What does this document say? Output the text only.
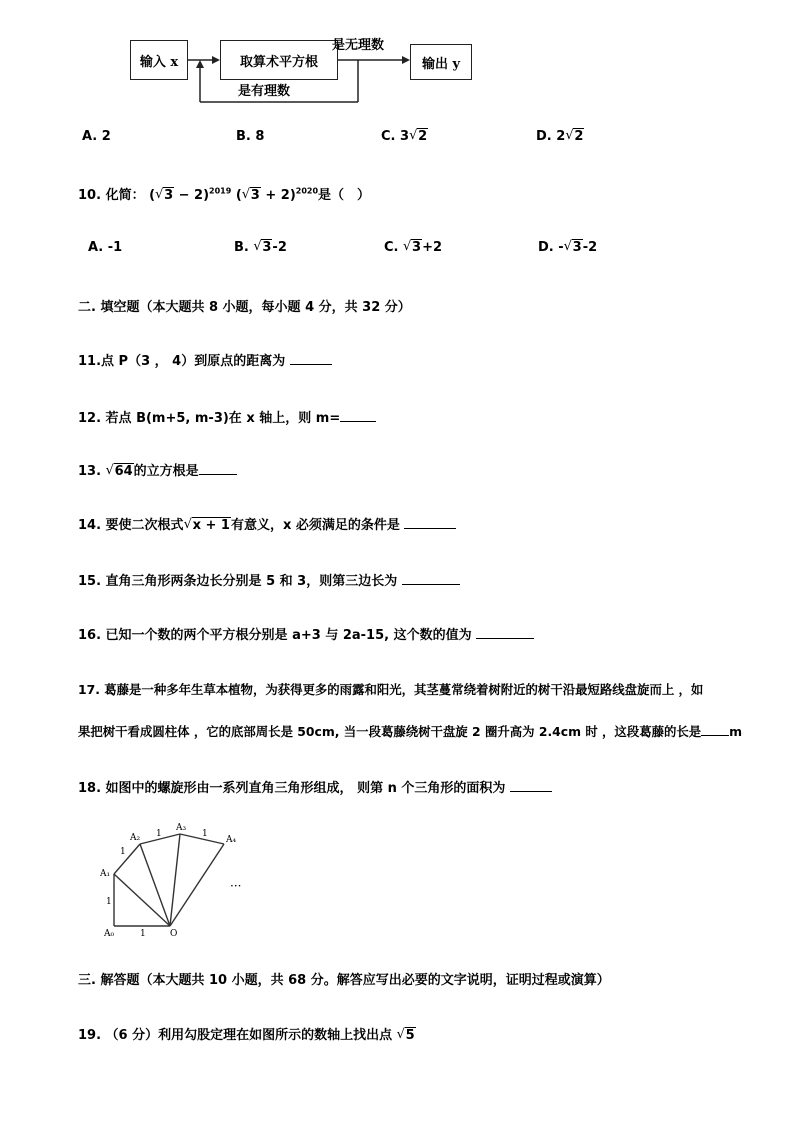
输入 x	取算术平方根	输出 y
是无理数
是有理数
A. 2	B. 8	C. 3 √ 2	D. 2 √ 2
10. 化简： ( √ 3 − 2)$^{2019}$ ( √ 3 + 2)$^{2020}$是（　）
A. -1	B. √ 3-2	C. √ 3+2	D. - √ 3-2
二. 填空题（本大题共 8 小题，每小题 4 分，共 32 分）
11.点 P（3 ， 4）到原点的距离为
12. 若点 B(m+5, m-3)在 x 轴上，则 m=
13. √ 64的立方根是
14. 要使二次根式 √ x + 1有意义，x 必须满足的条件是
15. 直角三角形两条边长分别是 5 和 3，则第三边长为
16. 已知一个数的两个平方根分别是 a+3 与 2a-15, 这个数的值为
17. 葛藤是一种多年生草本植物，为获得更多的雨露和阳光，其茎蔓常绕着树附近的树干沿最短路线盘旋而上 ，如
果把树干看成圆柱体 ，它的底部周长是 50cm, 当一段葛藤绕树干盘旋 2 圈升高为 2.4cm 时 ，这段葛藤的长是 m
18. 如图中的螺旋形由一系列直角三角形组成， 则第 n 个三角形的面积为
A₀
A₁
A₂
A₃
A₄
O
1
1
1
1	1
···
三. 解答题（本大题共 10 小题，共 68 分。解答应写出必要的文字说明，证明过程或演算）
19. （6 分）利用勾股定理在如图所示的数轴上找出点 √ 5
